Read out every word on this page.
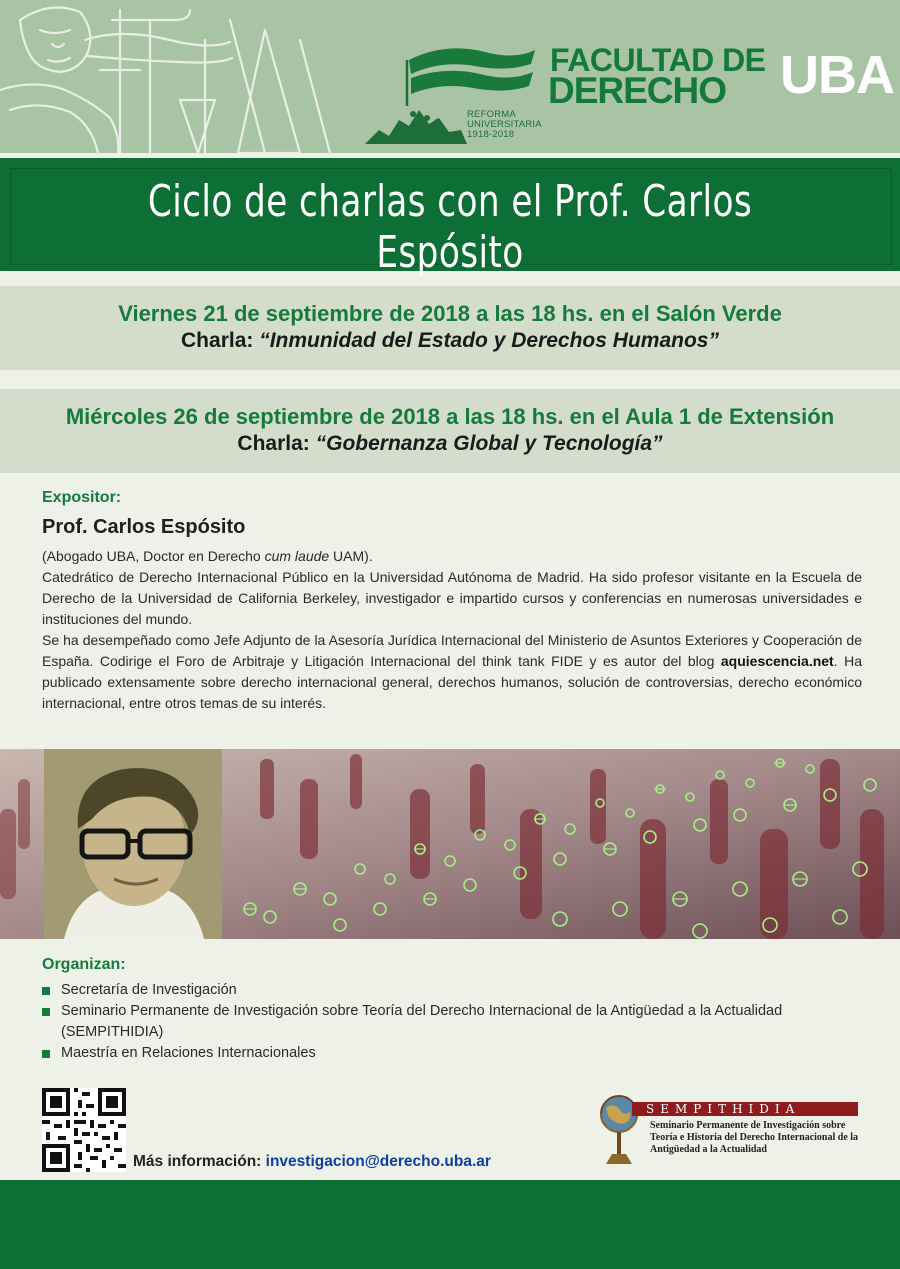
REFORMA
UNIVERSITARIA
1918-2018
FACULTAD DE
DERECHO UBA
Ciclo de charlas con el Prof. Carlos Espósito
Viernes 21 de septiembre de 2018 a las 18 hs. en el Salón Verde
Charla: “Inmunidad del Estado y Derechos Humanos”
Miércoles 26 de septiembre de 2018 a las 18 hs. en el Aula 1 de Extensión
Charla: “Gobernanza Global y Tecnología”
Expositor:
Prof. Carlos Espósito

(Abogado UBA, Doctor en Derecho cum laude UAM).

Catedrático de Derecho Internacional Público en la Universidad Autónoma de Madrid. Ha sido profesor visitante en la Escuela de Derecho de la Universidad de California Berkeley, investigador e impartido cursos y conferencias en numerosas universidades e instituciones del mundo.

Se ha desempeñado como Jefe Adjunto de la Asesoría Jurídica Internacional del Ministerio de Asuntos Exteriores y Cooperación de España. Codirige el Foro de Arbitraje y Litigación Internacional del think tank FIDE y es autor del blog aquiescencia.net. Ha publicado extensamente sobre derecho internacional general, derechos humanos, solución de controversias, derecho económico internacional, entre otros temas de su interés.

Organizan:
Secretaría de Investigación
Seminario Permanente de Investigación sobre Teoría del Derecho Internacional de la Antigüedad a la Actualidad (SEMPITHIDIA)
Maestría en Relaciones Internacionales
Más información: investigacion@derecho.uba.ar
SEMPITHIDIA
Seminario Permanente de Investigación sobre Teoría e Historia del Derecho Internacional de la Antigüedad a la Actualidad
